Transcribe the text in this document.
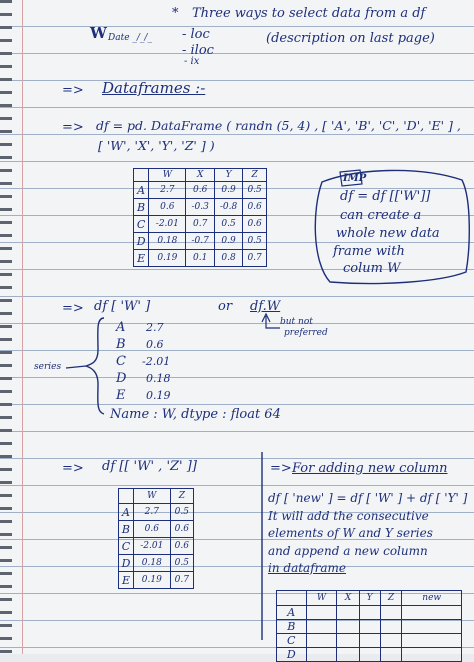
W Date _/_/_
* Three ways to select data from a df
- loc
- iloc
- ix
(description on last page)
=> Dataframes :-
=> df = pd. DataFrame ( randn (5, 4) , [ 'A', 'B', 'C', 'D', 'E' ] ,
[ 'W', 'X', 'Y', 'Z' ] )
	W	X	Y	Z
A	2.7	0.6	0.9	0.5
B	0.6	-0.3	-0.8	0.6
C	-2.01	0.7	0.5	0.6
D	0.18	-0.7	0.9	0.5
E	0.19	0.1	0.8	0.7
IMP
df = df [['W']]
can create a
whole new data
frame with
colum W
=> df [ 'W' ]	or df.W
but not
preferred
series
A 2.7
B 0.6
C -2.01
D 0.18
E 0.19
Name : W, dtype : float 64
=> df [[ 'W' , 'Z' ]]	=> For adding new column
df [ 'new' ] = df [ 'W' ] + df [ 'Y' ]
It will add the consecutive
elements of W and Y series
and append a new column
in dataframe
	W	Z
A	2.7	0.5
B	0.6	0.6
C	-2.01	0.6
D	0.18	0.5
E	0.19	0.7
	W	X	Y	Z	new
A					
B					
C					
D					
